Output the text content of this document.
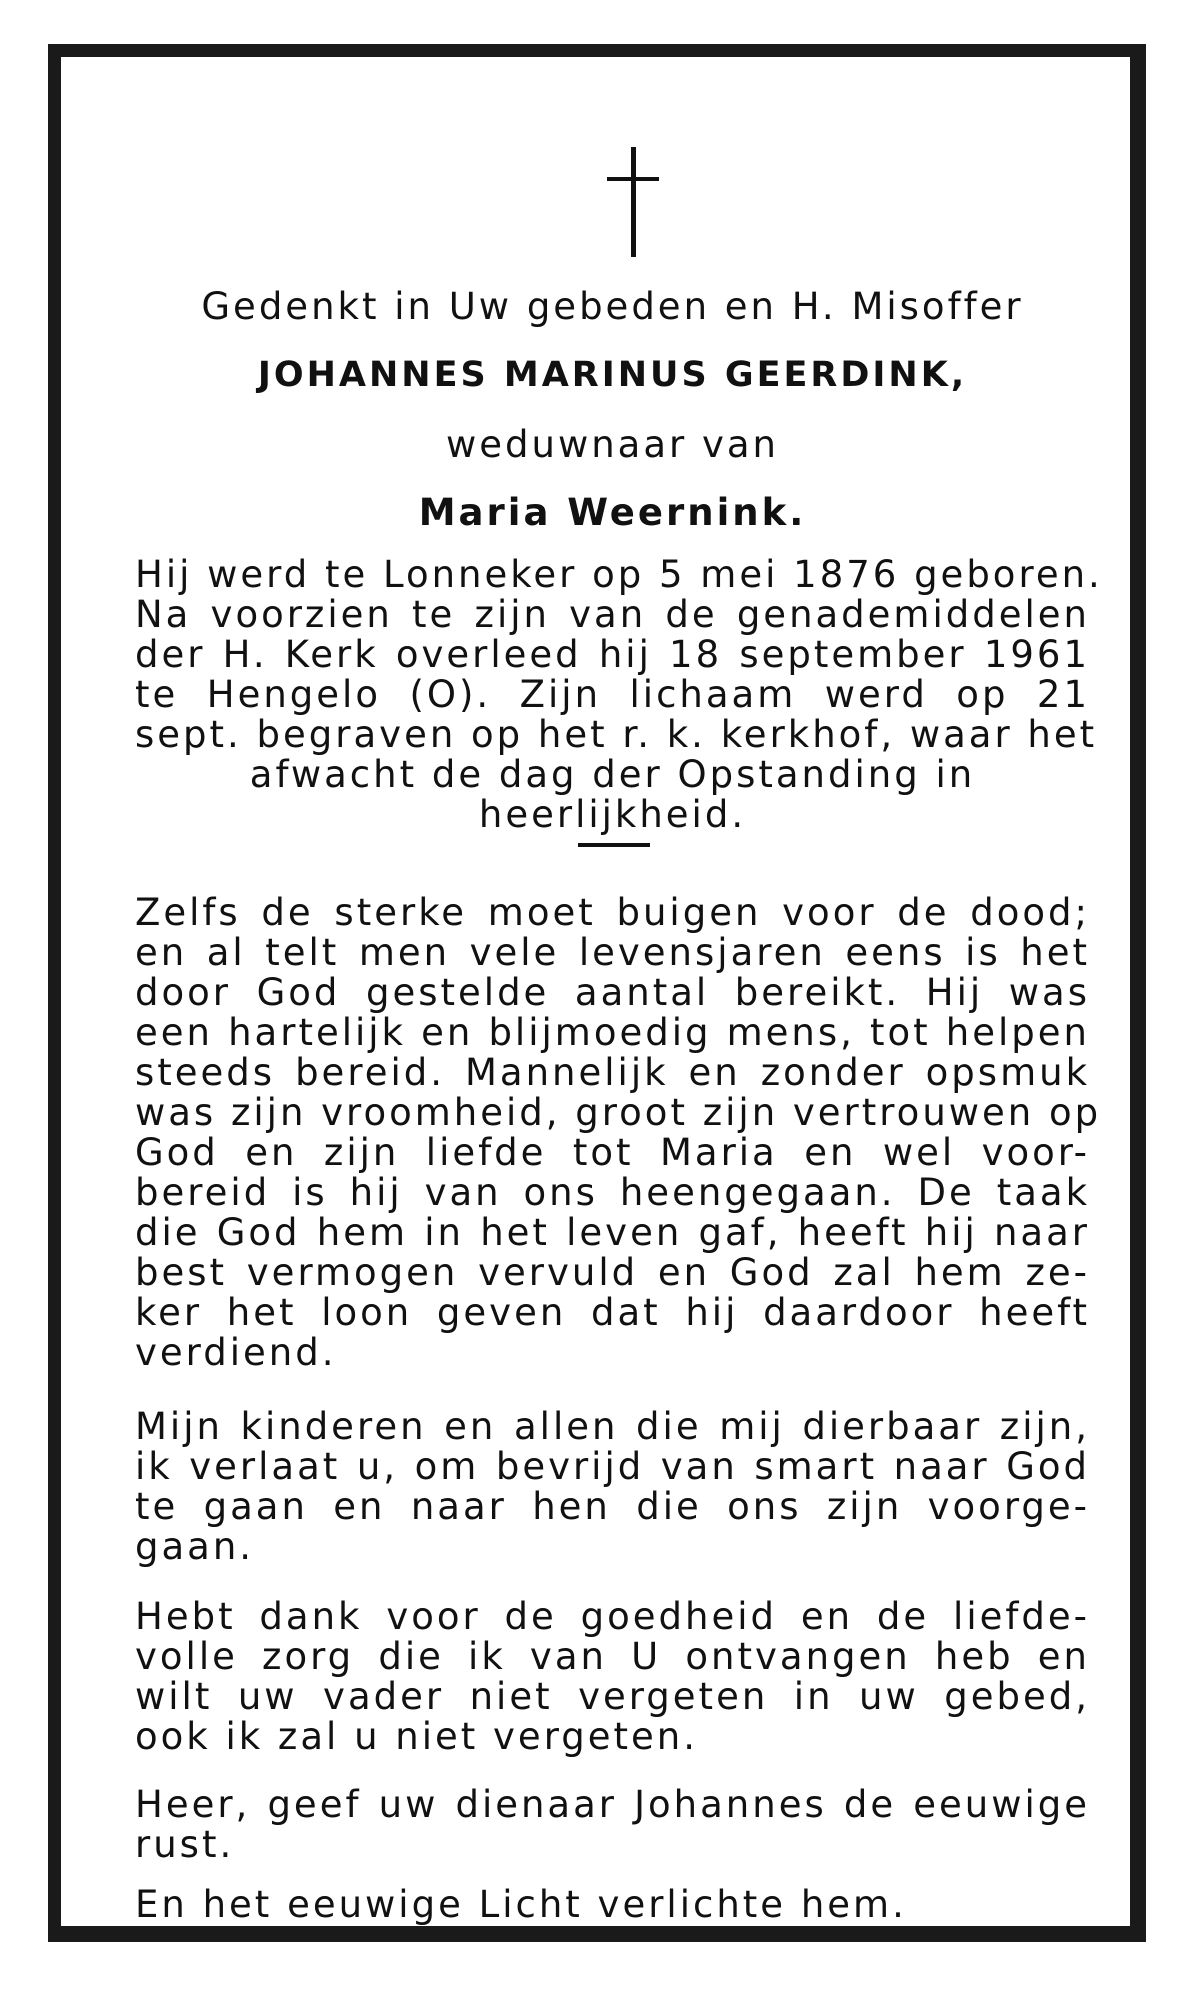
Gedenkt in Uw gebeden en H. Misoffer

JOHANNES MARINUS GEERDINK,

weduwnaar van

Maria Weernink.

Hij werd te Lonneker op 5 mei 1876 geboren.

Na voorzien te zijn van de genademiddelen

der H. Kerk overleed hij 18 september 1961

te Hengelo (O). Zijn lichaam werd op 21

sept. begraven op het r. k. kerkhof, waar het

afwacht de dag der Opstanding in

heerlijkheid.

Zelfs de sterke moet buigen voor de dood;

en al telt men vele levensjaren eens is het

door God gestelde aantal bereikt. Hij was

een hartelijk en blijmoedig mens, tot helpen

steeds bereid. Mannelijk en zonder opsmuk

was zijn vroomheid, groot zijn vertrouwen op

God en zijn liefde tot Maria en wel voor-

bereid is hij van ons heengegaan. De taak

die God hem in het leven gaf, heeft hij naar

best vermogen vervuld en God zal hem ze-

ker het loon geven dat hij daardoor heeft

verdiend.

Mijn kinderen en allen die mij dierbaar zijn,

ik verlaat u, om bevrijd van smart naar God

te gaan en naar hen die ons zijn voorge-

gaan.

Hebt dank voor de goedheid en de liefde-

volle zorg die ik van U ontvangen heb en

wilt uw vader niet vergeten in uw gebed,

ook ik zal u niet vergeten.

Heer, geef uw dienaar Johannes de eeuwige

rust.

En het eeuwige Licht verlichte hem.
